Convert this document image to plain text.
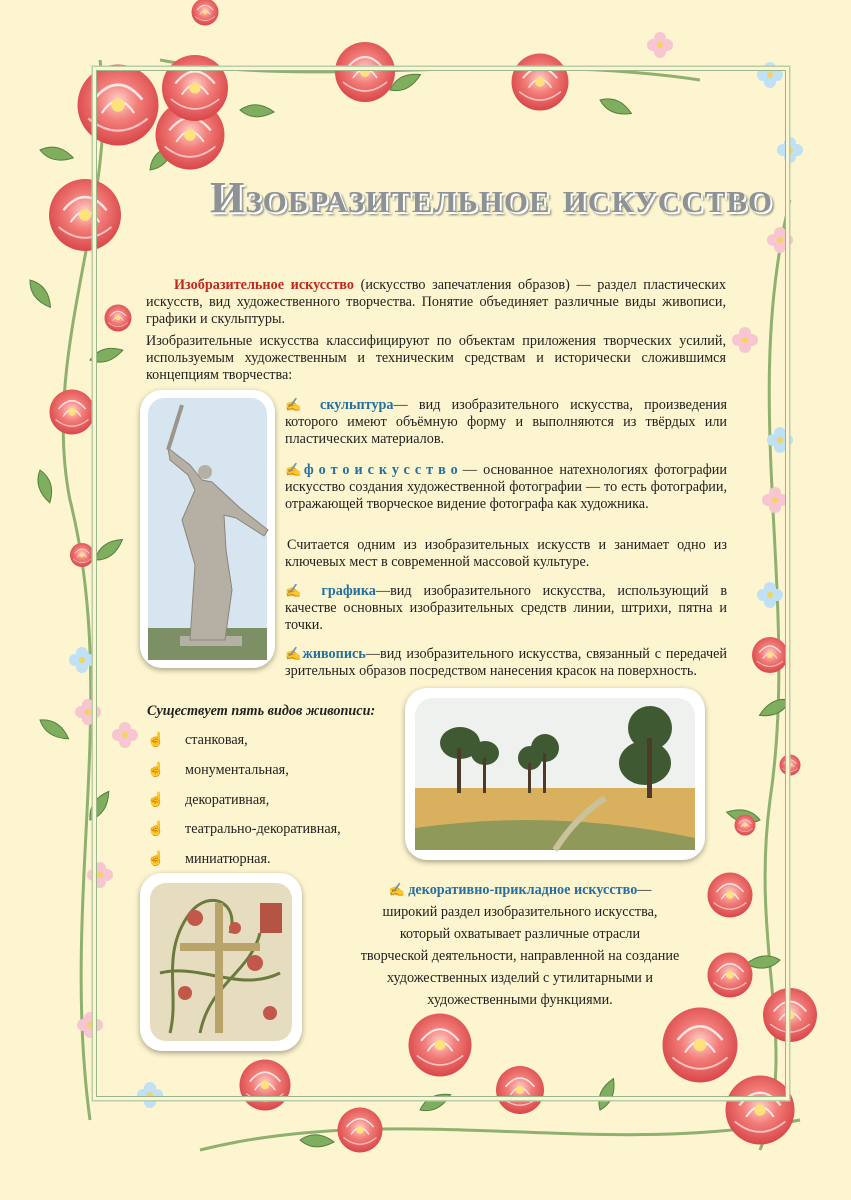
Изобразительное искусство

Изобразительное искусство (искусство запечатления образов) — раздел пластических искусств, вид художественного творчества. Понятие объединяет различные виды живописи, графики и скульптуры.

Изобразительные искусства классифицируют по объектам приложения творческих усилий, используемым художественным и техническим средствам и исторически сложившимся концепциям творчества:

✍ скульптура— вид изобразительного искусства, произведения которого имеют объёмную форму и выполняются из твёрдых или пластических материалов.

✍фотоискусство— основанное натехнологиях фотографии искусство создания художественной фотографии — то есть фотографии, отражающей творческое видение фотографа как художника.

Считается одним из изобразительных искусств и занимает одно из ключевых мест в современной массовой культуре.

✍ графика—вид изобразительного искусства, использующий в качестве основных изобразительных средств линии, штрихи, пятна и точки.

✍живопись—вид изобразительного искусства, связанный с передачей зрительных образов посредством нанесения красок на поверхность.

Существует пять видов живописи:
☝ станковая,
☝ монументальная,
☝ декоративная,
☝ театрально-декоративная,
☝ миниатюрная.
✍ декоративно-прикладное искусство—
широкий раздел изобразительного искусства,
который охватывает различные отрасли
творческой деятельности, направленной на создание
художественных изделий с утилитарными и
художественными функциями.
